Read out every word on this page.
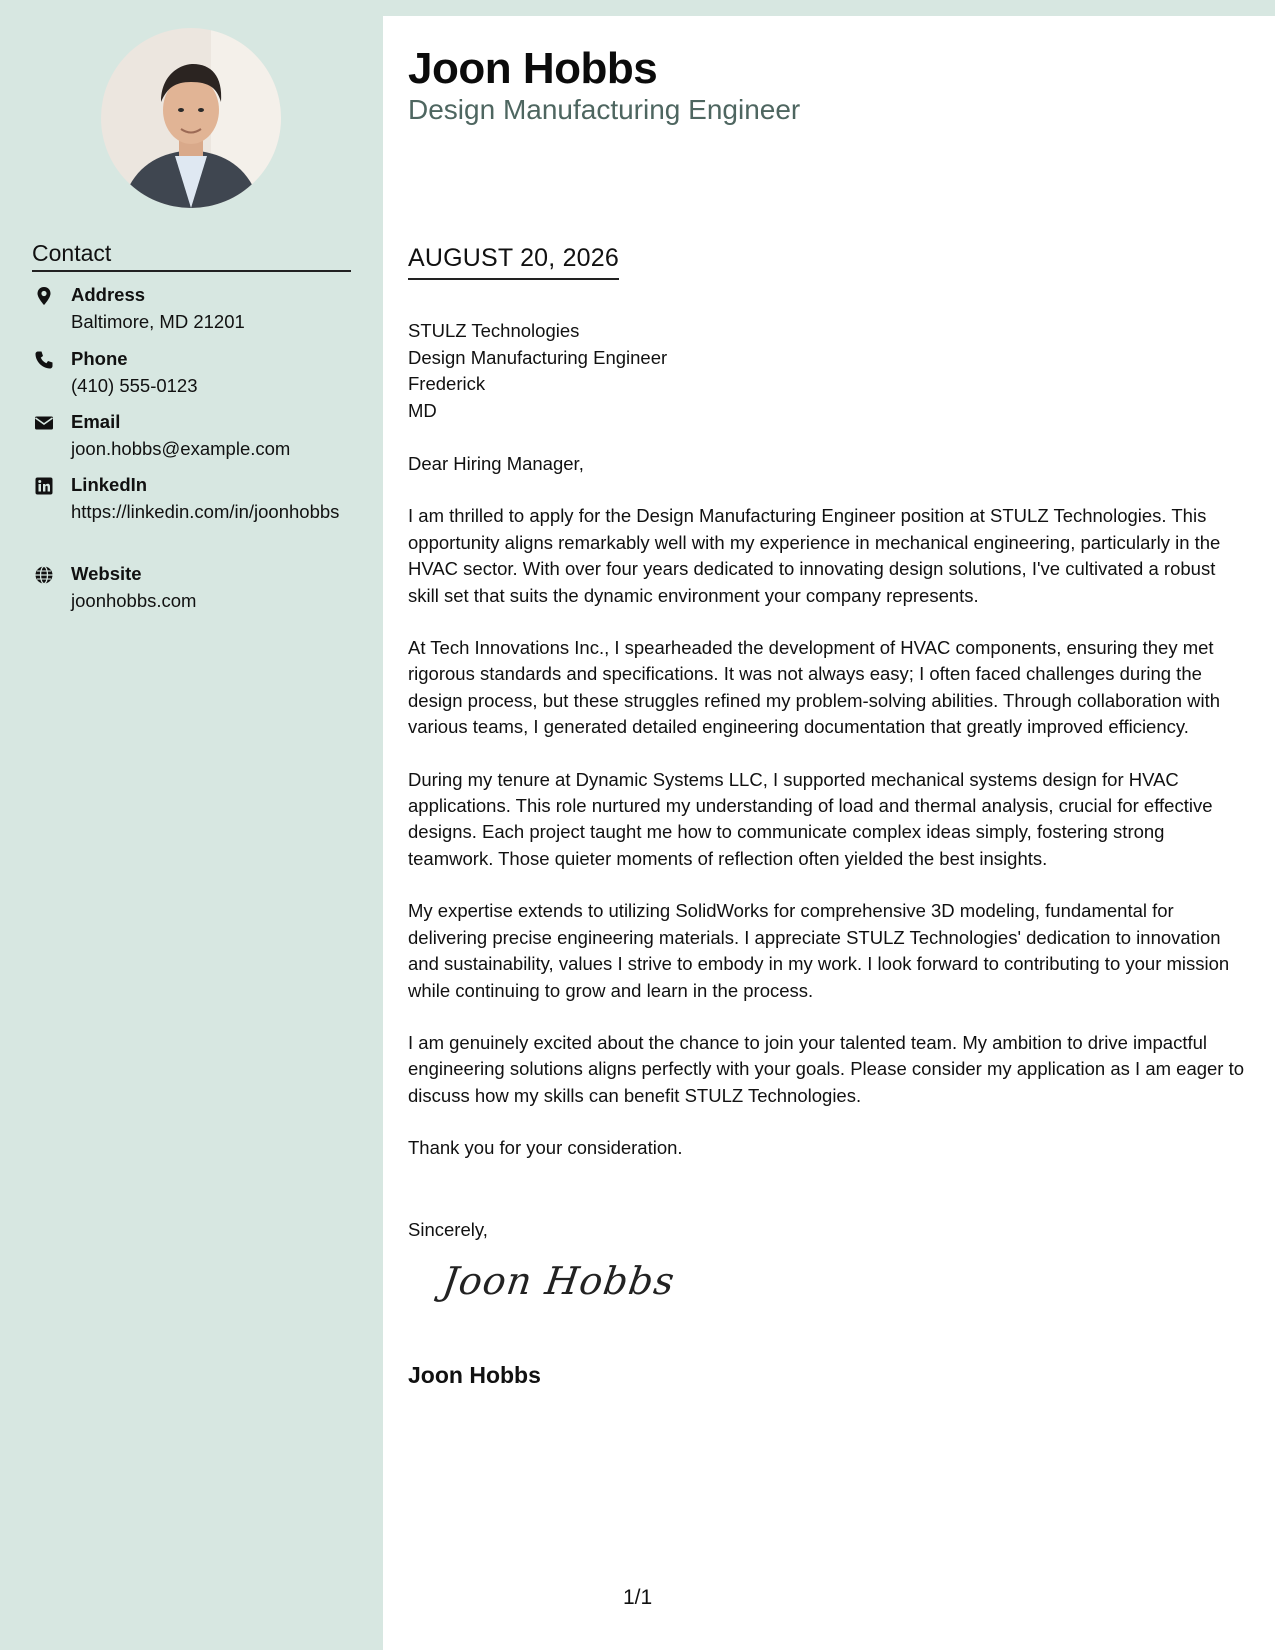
Contact
Address
Baltimore, MD 21201
Phone
(410) 555-0123
Email
joon.hobbs@example.com
LinkedIn
https://linkedin.com/in/joonhobbs
Website
joonhobbs.com
Joon Hobbs
Design Manufacturing Engineer
AUGUST 20, 2026
STULZ Technologies
Design Manufacturing Engineer
Frederick
MD

Dear Hiring Manager,

I am thrilled to apply for the Design Manufacturing Engineer position at STULZ Technologies. This opportunity aligns remarkably well with my experience in mechanical engineering, particularly in the HVAC sector. With over four years dedicated to innovating design solutions, I've cultivated a robust skill set that suits the dynamic environment your company represents.

At Tech Innovations Inc., I spearheaded the development of HVAC components, ensuring they met rigorous standards and specifications. It was not always easy; I often faced challenges during the design process, but these struggles refined my problem-solving abilities. Through collaboration with various teams, I generated detailed engineering documentation that greatly improved efficiency.

During my tenure at Dynamic Systems LLC, I supported mechanical systems design for HVAC applications. This role nurtured my understanding of load and thermal analysis, crucial for effective designs. Each project taught me how to communicate complex ideas simply, fostering strong teamwork. Those quieter moments of reflection often yielded the best insights.

My expertise extends to utilizing SolidWorks for comprehensive 3D modeling, fundamental for delivering precise engineering materials. I appreciate STULZ Technologies' dedication to innovation and sustainability, values I strive to embody in my work. I look forward to contributing to your mission while continuing to grow and learn in the process.

I am genuinely excited about the chance to join your talented team. My ambition to drive impactful engineering solutions aligns perfectly with your goals. Please consider my application as I am eager to discuss how my skills can benefit STULZ Technologies.

Thank you for your consideration.

Sincerely,
Joon Hobbs
Joon Hobbs
1/1
